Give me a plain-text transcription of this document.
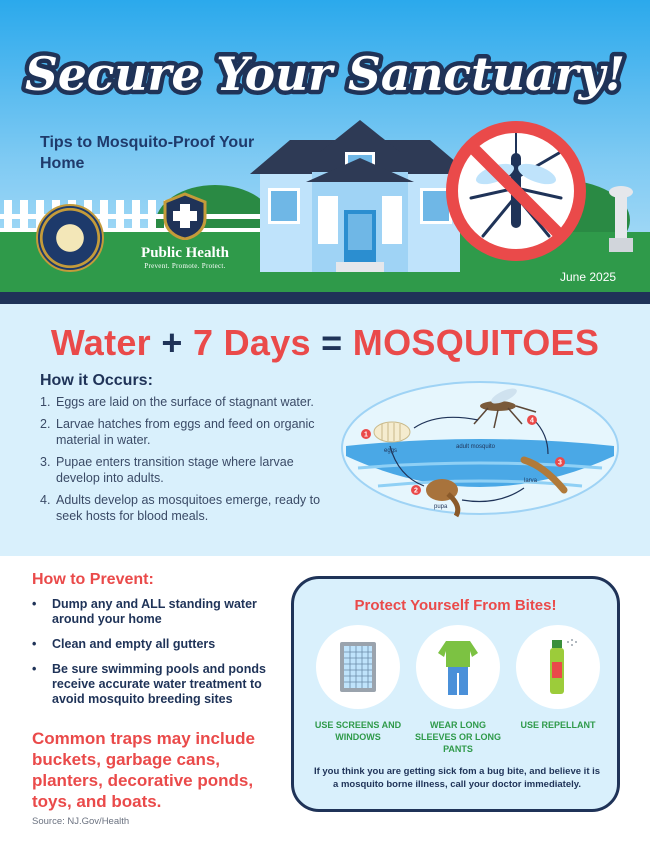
Secure Your Sanctuary!
Tips to Mosquito-Proof Your Home
Public Health
Prevent. Promote. Protect.
June 2025
Water + 7 Days = MOSQUITOES
How it Occurs:
1. Eggs are laid on the surface of stagnant water.
2. Larvae hatches from eggs and feed on organic material in water.
3. Pupae enters transition stage where larvae develop into adults.
4. Adults develop as mosquitoes emerge, ready to seek hosts for blood meals.
1
2
3
4
eggs
pupa
larva
adult mosquito
How to Prevent:
•	Dump any and ALL standing water around your home
•	Clean and empty all gutters
•	Be sure swimming pools and ponds receive accurate water treatment to avoid mosquito breeding sites
Common traps may include buckets, garbage cans, planters, decorative ponds, toys, and boats.
Source: NJ.Gov/Health
Protect Yourself From Bites!
USE SCREENS AND WINDOWS
WEAR LONG SLEEVES OR LONG PANTS
USE REPELLANT
If you think you are getting sick fom a bug bite, and believe it is a mosquito borne illness, call your doctor immediately.
